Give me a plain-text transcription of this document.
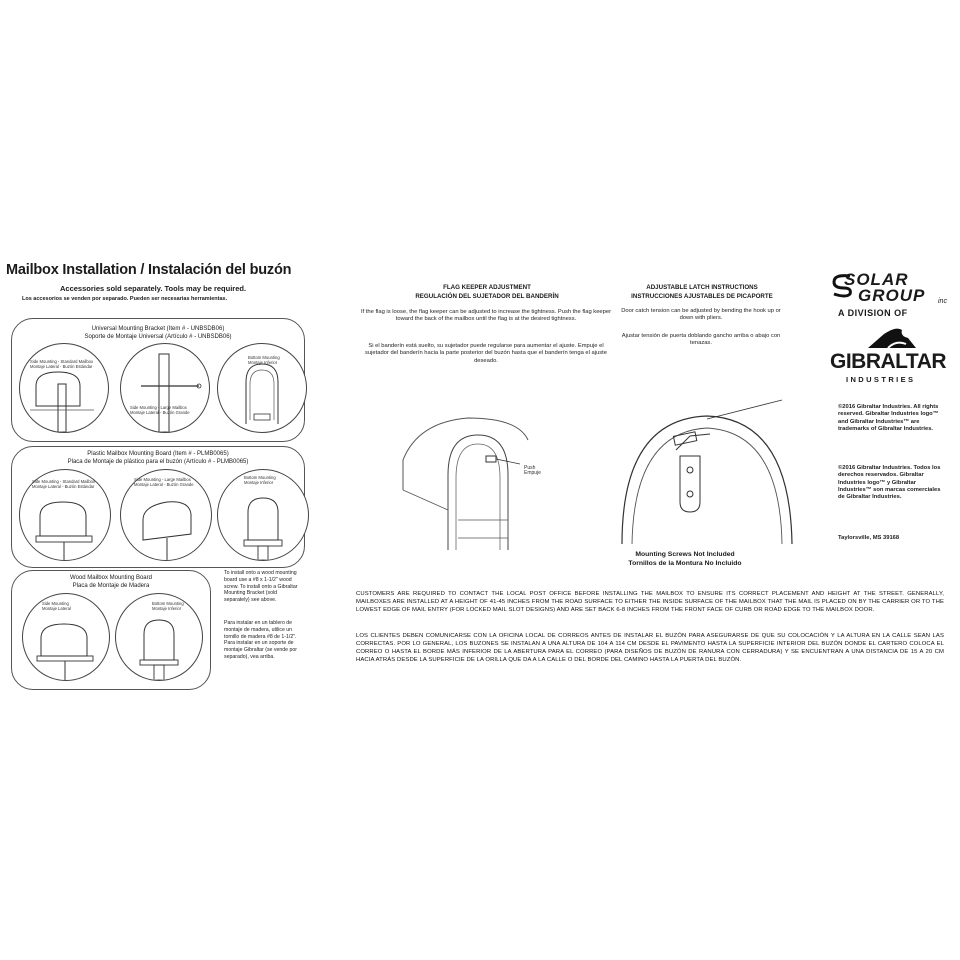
Mailbox Installation / Instalación del buzón
Accessories sold separately. Tools may be required.
Los accesorios se venden por separado. Pueden ser necesarias herramientas.
Universal Mounting Bracket (Item # - UNBSDB06)
Soporte de Montaje Universal (Artículo # - UNBSDB06)
Side Mounting - Standard Mailbox
Montaje Lateral - Buzón Estándar
Side Mounting - Large Mailbox
Montaje Lateral - Buzón Grande
Bottom Mounting
Montaje Inferior
Plastic Mailbox Mounting Board (Item # - PLMB0065)
Placa de Montaje de plástico para el buzón (Artículo # - PLMB0065)
Side Mounting - Standard Mailbox
Montaje Lateral - Buzón Estándar
Side Mounting - Large Mailbox
Montaje Lateral - Buzón Grande
Bottom Mounting
Montaje Inferior
Wood Mailbox Mounting Board
Placa de Montaje de Madera
Side Mounting
Montaje Lateral
Bottom Mounting
Montaje Inferior
To install onto a wood mounting board use a #8 x 1-1/2" wood screw. To install onto a Gibraltar Mounting Bracket (sold separately) see above.
Para instalar en un tablero de montaje de madera, utilice un tornillo de madera #8 de 1-1/2". Para instalar en un soporte de montaje Gibraltar (se vende por separado), vea arriba.
FLAG KEEPER ADJUSTMENT
REGULACIÓN DEL SUJETADOR DEL BANDERÍN
If the flag is loose, the flag keeper can be adjusted to increase the tightness. Push the flag keeper toward the back of the mailbox until the flag is at the desired tightness.
Si el banderín está suelto, su sujetador puede regularse para aumentar el ajuste. Empuje el sujetador del banderín hacia la parte posterior del buzón hasta que el banderín tenga el ajuste deseado.
Push
Empuje
ADJUSTABLE LATCH INSTRUCTIONS
INSTRUCCIONES AJUSTABLES DE PICAPORTE
Door catch tension can be adjusted by bending the hook up or down with pliers.
Ajustar tensión de puerta doblando gancho arriba o abajo con tenazas.
Mounting Screws Not Included
Tornillos de la Montura No Incluido
SOLAR
GROUP inc
A DIVISION OF
GIBRALTAR
INDUSTRIES
©2016 Gibraltar Industries. All rights reserved. Gibraltar Industries logo™ and Gibraltar Industries™ are trademarks of Gibraltar Industries.
©2016 Gibraltar Industries. Todos los derechos reservados. Gibraltar Industries logo™ y Gibraltar Industries™ son marcas comerciales de Gibraltar Industries.
Taylorsville, MS 39168
CUSTOMERS ARE REQUIRED TO CONTACT THE LOCAL POST OFFICE BEFORE INSTALLING THE MAILBOX TO ENSURE ITS CORRECT PLACEMENT AND HEIGHT AT THE STREET. GENERALLY, MAILBOXES ARE INSTALLED AT A HEIGHT OF 41-45 INCHES FROM THE ROAD SURFACE TO EITHER THE INSIDE SURFACE OF THE MAILBOX THAT THE MAIL IS PLACED ON BY THE CARRIER OR TO THE LOWEST EDGE OF MAIL ENTRY (FOR LOCKED MAIL SLOT DESIGNS) AND ARE SET BACK 6-8 INCHES FROM THE FRONT FACE OF CURB OR ROAD EDGE TO THE MAILBOX DOOR.
LOS CLIENTES DEBEN COMUNICARSE CON LA OFICINA LOCAL DE CORREOS ANTES DE INSTALAR EL BUZÓN PARA ASEGURARSE DE QUE SU COLOCACIÓN Y LA ALTURA EN LA CALLE SEAN LAS CORRECTAS. POR LO GENERAL, LOS BUZONES SE INSTALAN A UNA ALTURA DE 104 A 114 CM DESDE EL PAVIMENTO HASTA LA SUPERFICIE INTERIOR DEL BUZÓN DONDE EL CARTERO COLOCA EL CORREO O HASTA EL BORDE MÁS INFERIOR DE LA ABERTURA PARA EL CORREO (PARA DISEÑOS DE BUZÓN DE RANURA CON CERRADURA) Y SE ENCUENTRAN A UNA DISTANCIA DE 15 A 20 CM HACIA ATRÁS DESDE LA SUPERFICIE DE LA ORILLA QUE DA A LA CALLE O DEL BORDE DEL CAMINO HASTA LA PUERTA DEL BUZÓN.
